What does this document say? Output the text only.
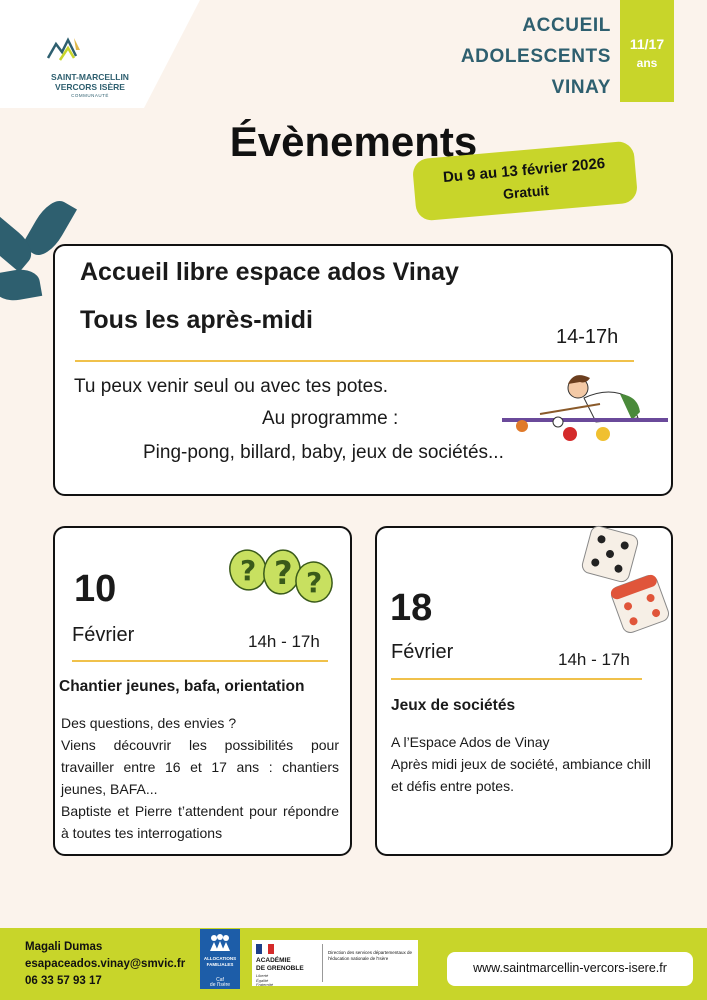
SAINT-MARCELLIN
VERCORS ISÈRE
COMMUNAUTÉ
ACCUEIL
ADOLESCENTS
VINAY
11/17
ans
Évènements
Du 9 au 13 février 2026
Gratuit
Accueil libre espace ados Vinay
Tous les après-midi
14-17h
Tu peux venir seul ou avec tes potes.
Au programme :
Ping-pong, billard, baby, jeux de sociétés...
10
Février	14h - 17h
Chantier jeunes, bafa, orientation
Des questions, des envies ?
Viens découvrir les possibilités pour travailler entre 16 et 17 ans : chantiers jeunes, BAFA...
Baptiste et Pierre t’attendent pour répondre à toutes tes interrogations
? ? ?
18
Février	14h - 17h
Jeux de sociétés
A l’Espace Ados de Vinay
Après midi jeux de société, ambiance chill et défis entre potes.
Magali Dumas
esapaceados.vinay@smvic.fr
06 33 57 93 17
ALLOCATIONS
FAMILIALES
Caf
de l'Isère
ACADÉMIE
DE GRENOBLE
Liberté
Égalité
Fraternité
Direction des services départementaux de l'éducation nationale de l'Isère
www.saintmarcellin-vercors-isere.fr
